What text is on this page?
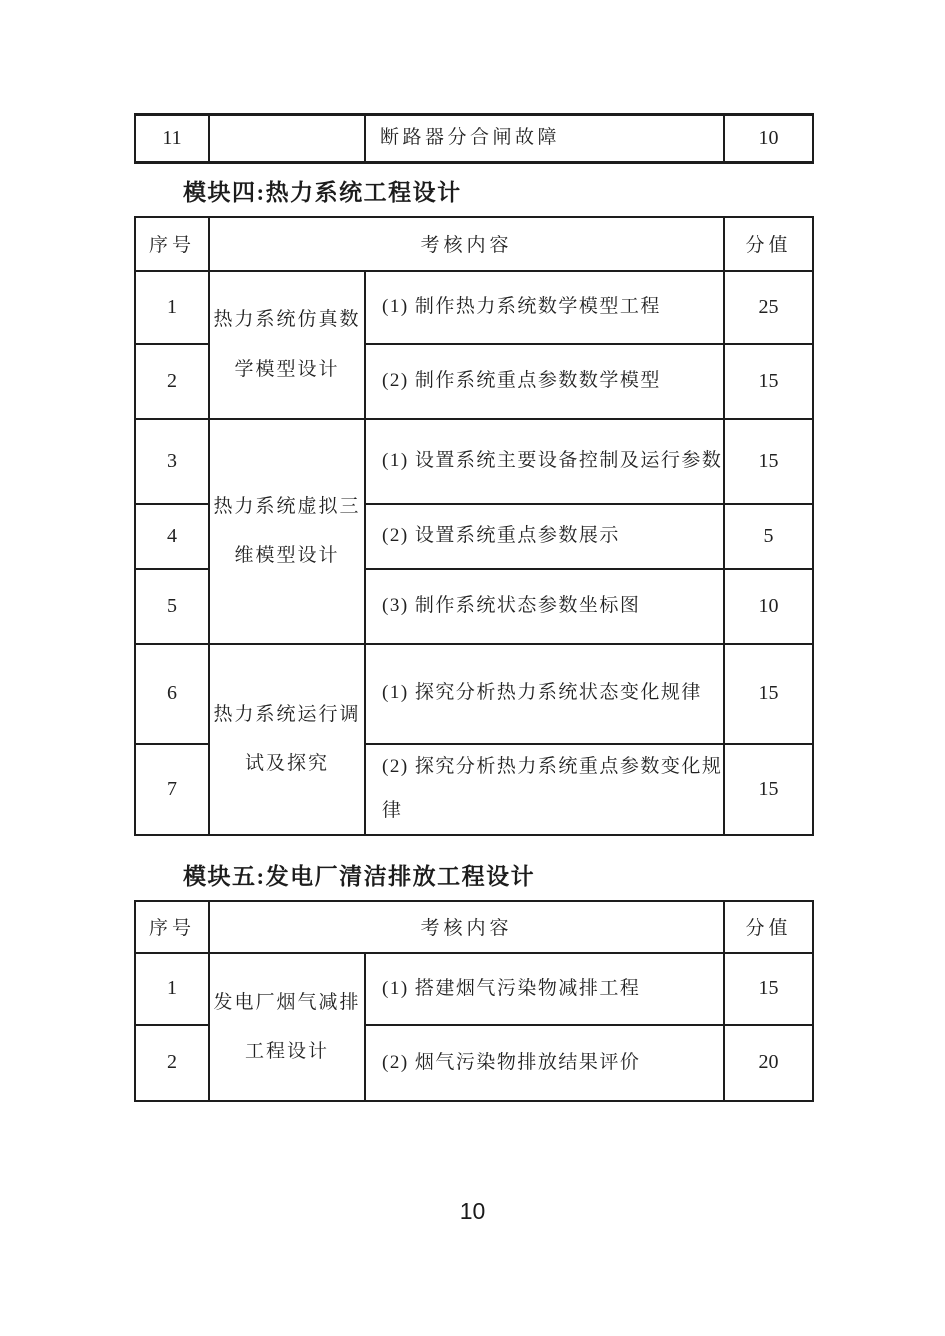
11		断路器分合闸故障	10
模块四:热力系统工程设计
序号	考核内容		分值
1	热力系统仿真数学模型设计	(1) 制作热力系统数学模型工程	25
2		(2) 制作系统重点参数数学模型	15
3	热力系统虚拟三维模型设计	(1) 设置系统主要设备控制及运行参数	15
4		(2) 设置系统重点参数展示	5
5		(3) 制作系统状态参数坐标图	10
6	热力系统运行调试及探究	(1) 探究分析热力系统状态变化规律	15
7		(2) 探究分析热力系统重点参数变化规律	15
模块五:发电厂清洁排放工程设计
序号	考核内容		分值
1	发电厂烟气减排工程设计	(1) 搭建烟气污染物减排工程	15
2		(2) 烟气污染物排放结果评价	20
10
